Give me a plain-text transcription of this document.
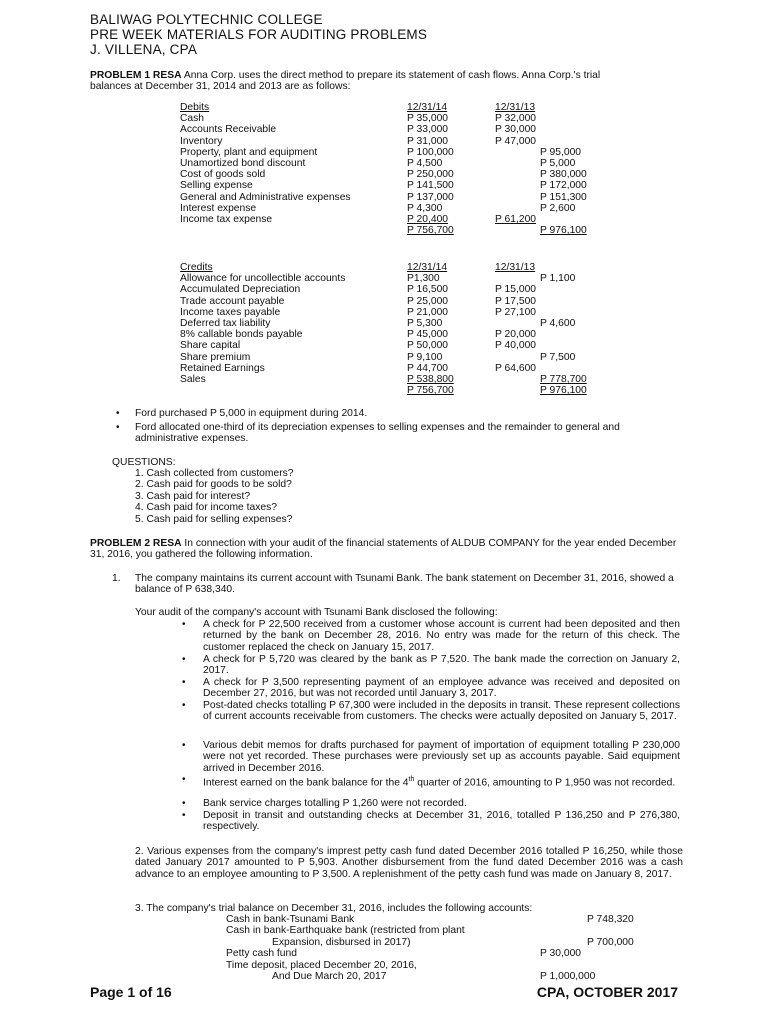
BALIWAG POLYTECHNIC COLLEGE
PRE WEEK MATERIALS FOR AUDITING PROBLEMS
J. VILLENA, CPA
PROBLEM 1 RESA Anna Corp. uses the direct method to prepare its statement of cash flows. Anna Corp.'s trial
balances at December 31, 2014 and 2013 are as follows:
Debits	12/31/14	12/31/13
Cash	P 35,000	P 32,000
Accounts Receivable	P 33,000	P 30,000
Inventory	P 31,000	P 47,000
Property, plant and equipment	P 100,000	P 95,000
Unamortized bond discount	P 4,500	P 5,000
Cost of goods sold	P 250,000	P 380,000
Selling expense	P 141,500	P 172,000
General and Administrative expenses	P 137,000	P 151,300
Interest expense	P 4,300	P 2,600
Income tax expense	P 20,400	P 61,200
	P 756,700	P 976,100
Credits	12/31/14	12/31/13
Allowance for uncollectible accounts	P1,300	P 1,100
Accumulated Depreciation	P 16,500	P 15,000
Trade account payable	P 25,000	P 17,500
Income taxes payable	P 21,000	P 27,100
Deferred tax liability	P 5,300	P 4,600
8% callable bonds payable	P 45,000	P 20,000
Share capital	P 50,000	P 40,000
Share premium	P 9,100	P 7,500
Retained Earnings	P 44,700	P 64,600
Sales	P 538,800	P 778,700
	P 756,700	P 976,100
• Ford purchased P 5,000 in equipment during 2014.
• Ford allocated one-third of its depreciation expenses to selling expenses and the remainder to general and administrative expenses.
QUESTIONS:
1. Cash collected from customers?
2. Cash paid for goods to be sold?
3. Cash paid for interest?
4. Cash paid for income taxes?
5. Cash paid for selling expenses?
PROBLEM 2 RESA In connection with your audit of the financial statements of ALDUB COMPANY for the year ended December 31, 2016, you gathered the following information.
1. The company maintains its current account with Tsunami Bank. The bank statement on December 31, 2016, showed a balance of P 638,340.
Your audit of the company's account with Tsunami Bank disclosed the following:
• A check for P 22,500 received from a customer whose account is current had been deposited and then returned by the bank on December 28, 2016. No entry was made for the return of this check. The customer replaced the check on January 15, 2017.
• A check for P 5,720 was cleared by the bank as P 7,520. The bank made the correction on January 2, 2017.
• A check for P 3,500 representing payment of an employee advance was received and deposited on December 27, 2016, but was not recorded until January 3, 2017.
• Post-dated checks totalling P 67,300 were included in the deposits in transit. These represent collections of current accounts receivable from customers. The checks were actually deposited on January 5, 2017.
• Various debit memos for drafts purchased for payment of importation of equipment totalling P 230,000 were not yet recorded. These purchases were previously set up as accounts payable. Said equipment arrived in December 2016.
• Interest earned on the bank balance for the 4th quarter of 2016, amounting to P 1,950 was not recorded.
• Bank service charges totalling P 1,260 were not recorded.
• Deposit in transit and outstanding checks at December 31, 2016, totalled P 136,250 and P 276,380, respectively.
2. Various expenses from the company's imprest petty cash fund dated December 2016 totalled P 16,250, while those dated January 2017 amounted to P 5,903. Another disbursement from the fund dated December 2016 was a cash advance to an employee amounting to P 3,500. A replenishment of the petty cash fund was made on January 8, 2017.
3. The company's trial balance on December 31, 2016, includes the following accounts:
Cash in bank-Tsunami Bank	P 748,320
Cash in bank-Earthquake bank (restricted from plant
Expansion, disbursed in 2017)	P 700,000
Petty cash fund	P 30,000
Time deposit, placed December 20, 2016,
And Due March 20, 2017	P 1,000,000
Page 1 of 16	CPA, OCTOBER 2017
